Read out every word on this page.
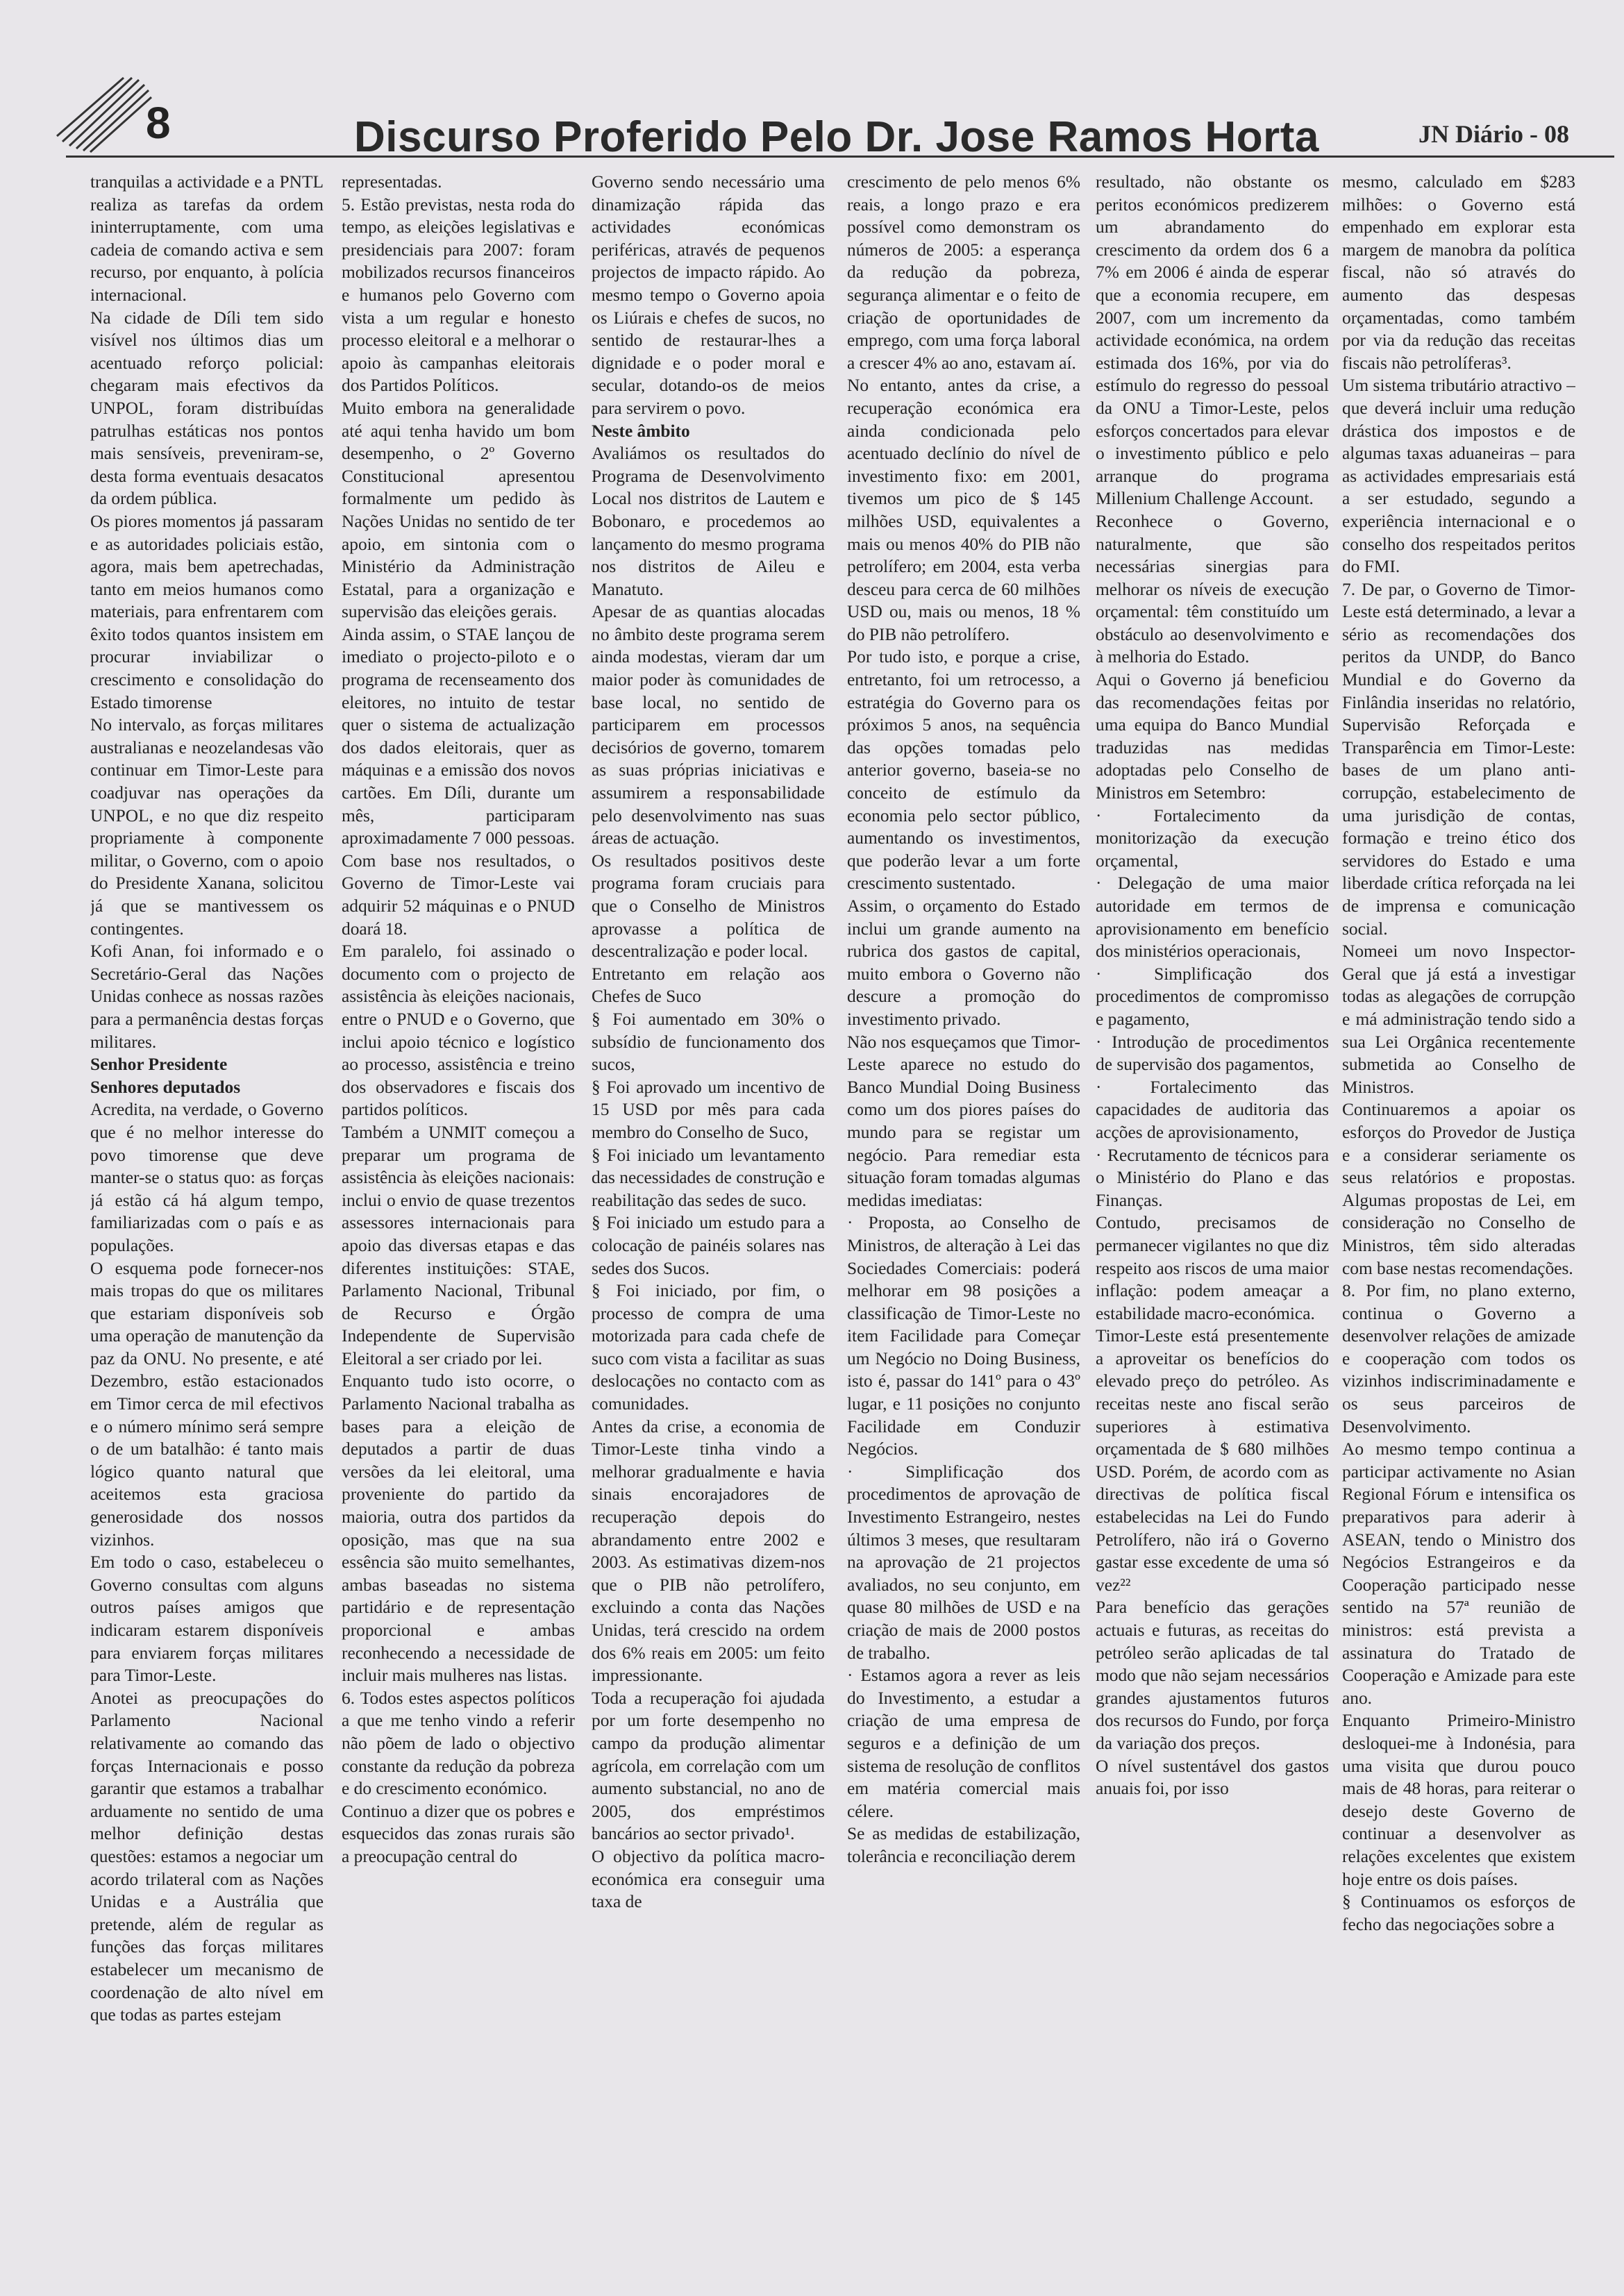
8	Discurso Proferido Pelo Dr. Jose Ramos Horta	JN Diário - 08

tranquilas a actividade e a PNTL realiza as tarefas da ordem ininterruptamente, com uma cadeia de comando activa e sem recurso, por enquanto, à polícia internacional.

Na cidade de Díli tem sido visível nos últimos dias um acentuado reforço policial: chegaram mais efectivos da UNPOL, foram distribuídas patrulhas estáticas nos pontos mais sensíveis, preveniram-se, desta forma eventuais desacatos da ordem pública.

Os piores momentos já passaram e as autoridades policiais estão, agora, mais bem apetrechadas, tanto em meios humanos como materiais, para enfrentarem com êxito todos quantos insistem em procurar inviabilizar o crescimento e consolidação do Estado timorense

No intervalo, as forças militares australianas e neozelandesas vão continuar em Timor-Leste para coadjuvar nas operações da UNPOL, e no que diz respeito propriamente à componente militar, o Governo, com o apoio do Presidente Xanana, solicitou já que se mantivessem os contingentes.

Kofi Anan, foi informado e o Secretário-Geral das Nações Unidas conhece as nossas razões para a permanência destas forças militares.

Senhor Presidente

Senhores deputados

Acredita, na verdade, o Governo que é no melhor interesse do povo timorense que deve manter-se o status quo: as forças já estão cá há algum tempo, familiarizadas com o país e as populações.

O esquema pode fornecer-nos mais tropas do que os militares que estariam disponíveis sob uma operação de manutenção da paz da ONU. No presente, e até Dezembro, estão estacionados em Timor cerca de mil efectivos e o número mínimo será sempre o de um batalhão: é tanto mais lógico quanto natural que aceitemos esta graciosa generosidade dos nossos vizinhos.

Em todo o caso, estabeleceu o Governo consultas com alguns outros países amigos que indicaram estarem disponíveis para enviarem forças militares para Timor-Leste.

Anotei as preocupações do Parlamento Nacional relativamente ao comando das forças Internacionais e posso garantir que estamos a trabalhar arduamente no sentido de uma melhor definição destas questões: estamos a negociar um acordo trilateral com as Nações Unidas e a Austrália que pretende, além de regular as funções das forças militares estabelecer um mecanismo de coordenação de alto nível em que todas as partes estejam

representadas.

5. Estão previstas, nesta roda do tempo, as eleições legislativas e presidenciais para 2007: foram mobilizados recursos financeiros e humanos pelo Governo com vista a um regular e honesto processo eleitoral e a melhorar o apoio às campanhas eleitorais dos Partidos Políticos.

Muito embora na generalidade até aqui tenha havido um bom desempenho, o 2º Governo Constitucional apresentou formalmente um pedido às Nações Unidas no sentido de ter apoio, em sintonia com o Ministério da Administração Estatal, para a organização e supervisão das eleições gerais.

Ainda assim, o STAE lançou de imediato o projecto-piloto e o programa de recenseamento dos eleitores, no intuito de testar quer o sistema de actualização dos dados eleitorais, quer as máquinas e a emissão dos novos cartões. Em Díli, durante um mês, participaram aproximadamente 7 000 pessoas. Com base nos resultados, o Governo de Timor-Leste vai adquirir 52 máquinas e o PNUD doará 18.

Em paralelo, foi assinado o documento com o projecto de assistência às eleições nacionais, entre o PNUD e o Governo, que inclui apoio técnico e logístico ao processo, assistência e treino dos observadores e fiscais dos partidos políticos.

Também a UNMIT começou a preparar um programa de assistência às eleições nacionais: inclui o envio de quase trezentos assessores internacionais para apoio das diversas etapas e das diferentes instituições: STAE, Parlamento Nacional, Tribunal de Recurso e Órgão Independente de Supervisão Eleitoral a ser criado por lei.

Enquanto tudo isto ocorre, o Parlamento Nacional trabalha as bases para a eleição de deputados a partir de duas versões da lei eleitoral, uma proveniente do partido da maioria, outra dos partidos da oposição, mas que na sua essência são muito semelhantes, ambas baseadas no sistema partidário e de representação proporcional e ambas reconhecendo a necessidade de incluir mais mulheres nas listas.

6. Todos estes aspectos políticos a que me tenho vindo a referir não põem de lado o objectivo constante da redução da pobreza e do crescimento económico.

Continuo a dizer que os pobres e esquecidos das zonas rurais são a preocupação central do

Governo sendo necessário uma dinamização rápida das actividades económicas periféricas, através de pequenos projectos de impacto rápido. Ao mesmo tempo o Governo apoia os Liúrais e chefes de sucos, no sentido de restaurar-lhes a dignidade e o poder moral e secular, dotando-os de meios para servirem o povo.

Neste âmbito

Avaliámos os resultados do Programa de Desenvolvimento Local nos distritos de Lautem e Bobonaro, e procedemos ao lançamento do mesmo programa nos distritos de Aileu e Manatuto.

Apesar de as quantias alocadas no âmbito deste programa serem ainda modestas, vieram dar um maior poder às comunidades de base local, no sentido de participarem em processos decisórios de governo, tomarem as suas próprias iniciativas e assumirem a responsabilidade pelo desenvolvimento nas suas áreas de actuação.

Os resultados positivos deste programa foram cruciais para que o Conselho de Ministros aprovasse a política de descentralização e poder local.

Entretanto em relação aos Chefes de Suco

§ Foi aumentado em 30% o subsídio de funcionamento dos sucos,

§ Foi aprovado um incentivo de 15 USD por mês para cada membro do Conselho de Suco,

§ Foi iniciado um levantamento das necessidades de construção e reabilitação das sedes de suco.

§ Foi iniciado um estudo para a colocação de painéis solares nas sedes dos Sucos.

§ Foi iniciado, por fim, o processo de compra de uma motorizada para cada chefe de suco com vista a facilitar as suas deslocações no contacto com as comunidades.

Antes da crise, a economia de Timor-Leste tinha vindo a melhorar gradualmente e havia sinais encorajadores de recuperação depois do abrandamento entre 2002 e 2003. As estimativas dizem-nos que o PIB não petrolífero, excluindo a conta das Nações Unidas, terá crescido na ordem dos 6% reais em 2005: um feito impressionante.

Toda a recuperação foi ajudada por um forte desempenho no campo da produção alimentar agrícola, em correlação com um aumento substancial, no ano de 2005, dos empréstimos bancários ao sector privado¹.

O objectivo da política macro-económica era conseguir uma taxa de

crescimento de pelo menos 6% reais, a longo prazo e era possível como demonstram os números de 2005: a esperança da redução da pobreza, segurança alimentar e o feito de criação de oportunidades de emprego, com uma força laboral a crescer 4% ao ano, estavam aí.

No entanto, antes da crise, a recuperação económica era ainda condicionada pelo acentuado declínio do nível de investimento fixo: em 2001, tivemos um pico de $ 145 milhões USD, equivalentes a mais ou menos 40% do PIB não petrolífero; em 2004, esta verba desceu para cerca de 60 milhões USD ou, mais ou menos, 18 % do PIB não petrolífero.

Por tudo isto, e porque a crise, entretanto, foi um retrocesso, a estratégia do Governo para os próximos 5 anos, na sequência das opções tomadas pelo anterior governo, baseia-se no conceito de estímulo da economia pelo sector público, aumentando os investimentos, que poderão levar a um forte crescimento sustentado.

Assim, o orçamento do Estado inclui um grande aumento na rubrica dos gastos de capital, muito embora o Governo não descure a promoção do investimento privado.

Não nos esqueçamos que Timor-Leste aparece no estudo do Banco Mundial Doing Business como um dos piores países do mundo para se registar um negócio. Para remediar esta situação foram tomadas algumas medidas imediatas:

· Proposta, ao Conselho de Ministros, de alteração à Lei das Sociedades Comerciais: poderá melhorar em 98 posições a classificação de Timor-Leste no item Facilidade para Começar um Negócio no Doing Business, isto é, passar do 141º para o 43º lugar, e 11 posições no conjunto Facilidade em Conduzir Negócios.

· Simplificação dos procedimentos de aprovação de Investimento Estrangeiro, nestes últimos 3 meses, que resultaram na aprovação de 21 projectos avaliados, no seu conjunto, em quase 80 milhões de USD e na criação de mais de 2000 postos de trabalho.

· Estamos agora a rever as leis do Investimento, a estudar a criação de uma empresa de seguros e a definição de um sistema de resolução de conflitos em matéria comercial mais célere.

Se as medidas de estabilização, tolerância e reconciliação derem

resultado, não obstante os peritos económicos predizerem um abrandamento do crescimento da ordem dos 6 a 7% em 2006 é ainda de esperar que a economia recupere, em 2007, com um incremento da actividade económica, na ordem estimada dos 16%, por via do estímulo do regresso do pessoal da ONU a Timor-Leste, pelos esforços concertados para elevar o investimento público e pelo arranque do programa Millenium Challenge Account.

Reconhece o Governo, naturalmente, que são necessárias sinergias para melhorar os níveis de execução orçamental: têm constituído um obstáculo ao desenvolvimento e à melhoria do Estado.

Aqui o Governo já beneficiou das recomendações feitas por uma equipa do Banco Mundial traduzidas nas medidas adoptadas pelo Conselho de Ministros em Setembro:

· Fortalecimento da monitorização da execução orçamental,

· Delegação de uma maior autoridade em termos de aprovisionamento em benefício dos ministérios operacionais,

· Simplificação dos procedimentos de compromisso e pagamento,

· Introdução de procedimentos de supervisão dos pagamentos,

· Fortalecimento das capacidades de auditoria das acções de aprovisionamento,

· Recrutamento de técnicos para o Ministério do Plano e das Finanças.

Contudo, precisamos de permanecer vigilantes no que diz respeito aos riscos de uma maior inflação: podem ameaçar a estabilidade macro-económica.

Timor-Leste está presentemente a aproveitar os benefícios do elevado preço do petróleo. As receitas neste ano fiscal serão superiores à estimativa orçamentada de $ 680 milhões USD. Porém, de acordo com as directivas de política fiscal estabelecidas na Lei do Fundo Petrolífero, não irá o Governo gastar esse excedente de uma só vez²²

Para benefício das gerações actuais e futuras, as receitas do petróleo serão aplicadas de tal modo que não sejam necessários grandes ajustamentos futuros dos recursos do Fundo, por força da variação dos preços.

O nível sustentável dos gastos anuais foi, por isso

mesmo, calculado em $283 milhões: o Governo está empenhado em explorar esta margem de manobra da política fiscal, não só através do aumento das despesas orçamentadas, como também por via da redução das receitas fiscais não petrolíferas³.

Um sistema tributário atractivo – que deverá incluir uma redução drástica dos impostos e de algumas taxas aduaneiras – para as actividades empresariais está a ser estudado, segundo a experiência internacional e o conselho dos respeitados peritos do FMI.

7. De par, o Governo de Timor-Leste está determinado, a levar a sério as recomendações dos peritos da UNDP, do Banco Mundial e do Governo da Finlândia inseridas no relatório, Supervisão Reforçada e Transparência em Timor-Leste: bases de um plano anti-corrupção, estabelecimento de uma jurisdição de contas, formação e treino ético dos servidores do Estado e uma liberdade crítica reforçada na lei de imprensa e comunicação social.

Nomeei um novo Inspector-Geral que já está a investigar todas as alegações de corrupção e má administração tendo sido a sua Lei Orgânica recentemente submetida ao Conselho de Ministros.

Continuaremos a apoiar os esforços do Provedor de Justiça e a considerar seriamente os seus relatórios e propostas. Algumas propostas de Lei, em consideração no Conselho de Ministros, têm sido alteradas com base nestas recomendações.

8. Por fim, no plano externo, continua o Governo a desenvolver relações de amizade e cooperação com todos os vizinhos indiscriminadamente e os seus parceiros de Desenvolvimento.

Ao mesmo tempo continua a participar activamente no Asian Regional Fórum e intensifica os preparativos para aderir à ASEAN, tendo o Ministro dos Negócios Estrangeiros e da Cooperação participado nesse sentido na 57ª reunião de ministros: está prevista a assinatura do Tratado de Cooperação e Amizade para este ano.

Enquanto Primeiro-Ministro desloquei-me à Indonésia, para uma visita que durou pouco mais de 48 horas, para reiterar o desejo deste Governo de continuar a desenvolver as relações excelentes que existem hoje entre os dois países.

§ Continuamos os esforços de fecho das negociações sobre a
